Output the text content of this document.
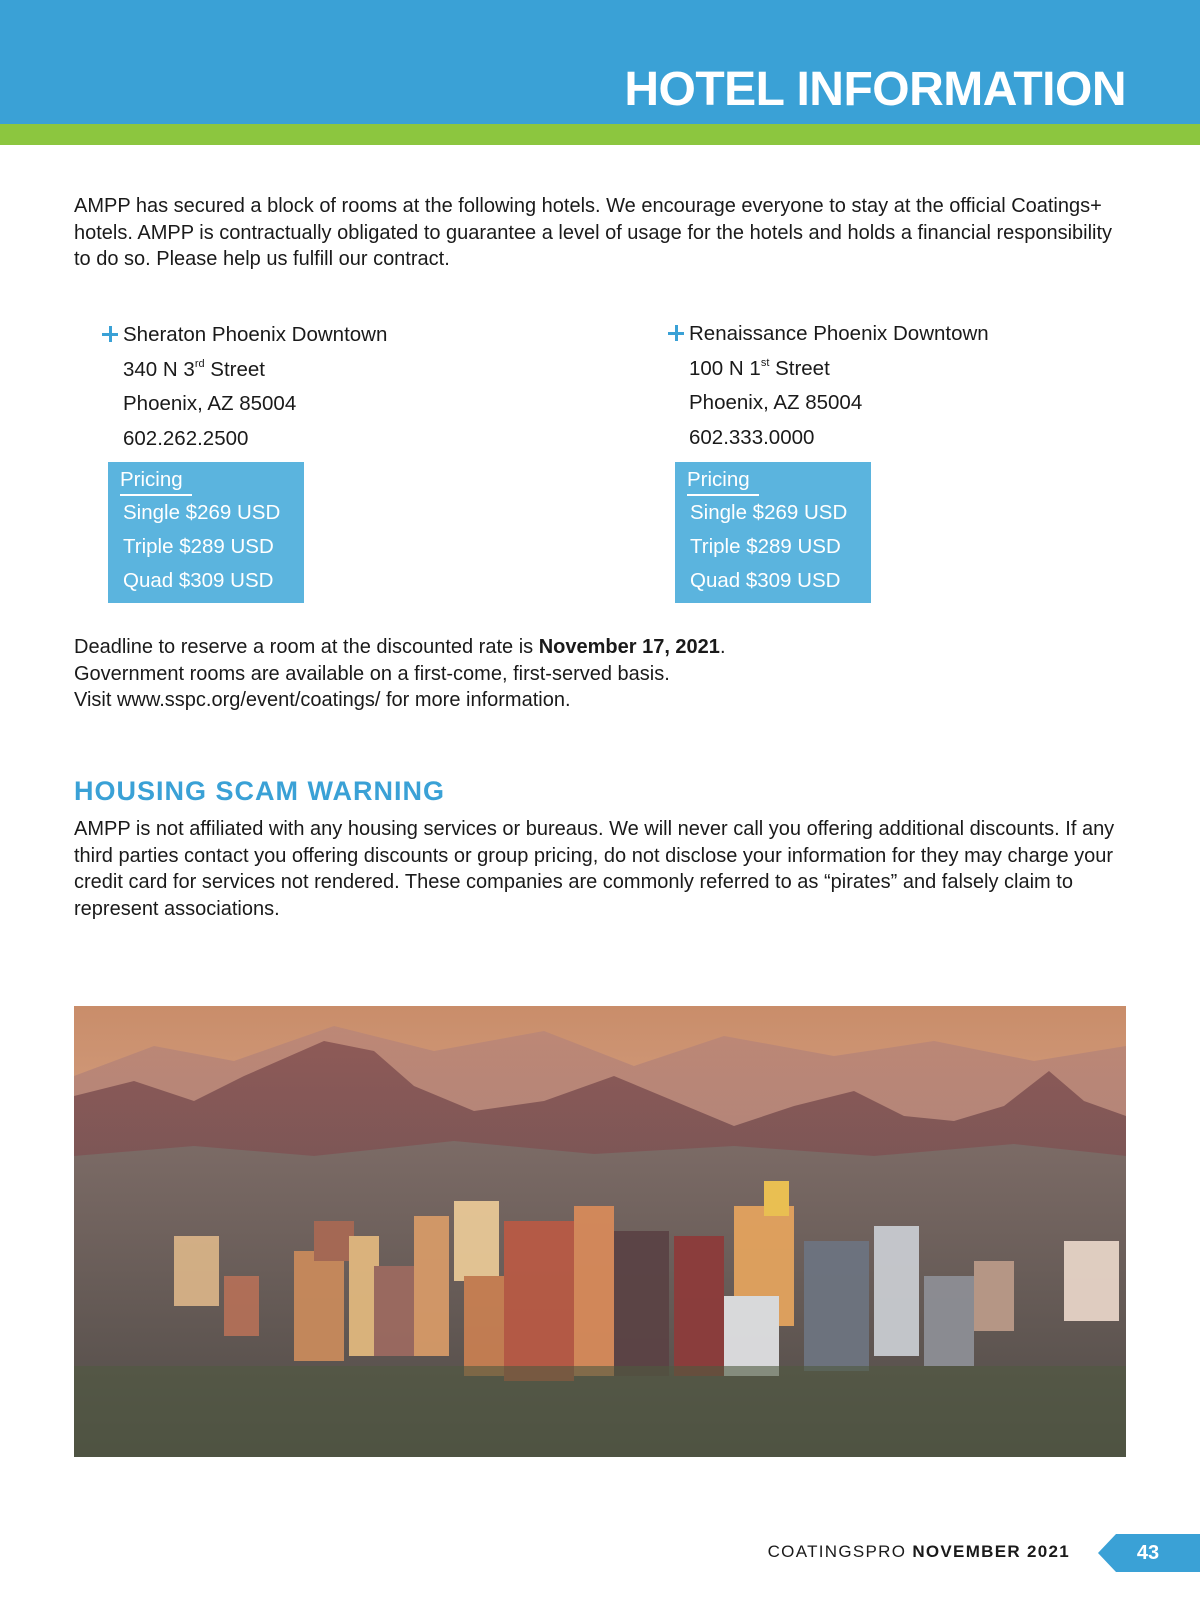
HOTEL INFORMATION

AMPP has secured a block of rooms at the following hotels. We encourage everyone to stay at the official Coatings+ hotels. AMPP is contractually obligated to guarantee a level of usage for the hotels and holds a financial responsibility to do so. Please help us fulfill our contract.

Sheraton Phoenix Downtown
340 N 3rd Street
Phoenix, AZ 85004
602.262.2500
Pricing
Single $269 USD
Triple $289 USD
Quad $309 USD
Renaissance Phoenix Downtown
100 N 1st Street
Phoenix, AZ 85004
602.333.0000
Pricing
Single $269 USD
Triple $289 USD
Quad $309 USD
Deadline to reserve a room at the discounted rate is November 17, 2021.
Government rooms are available on a first-come, first-served basis.
Visit www.sspc.org/event/coatings/ for more information.
HOUSING SCAM WARNING

AMPP is not affiliated with any housing services or bureaus. We will never call you offering additional discounts. If any third parties contact you offering discounts or group pricing, do not disclose your information for they may charge your credit card for services not rendered. These companies are commonly referred to as “pirates” and falsely claim to represent associations.

COATINGSPRO NOVEMBER 2021	43
